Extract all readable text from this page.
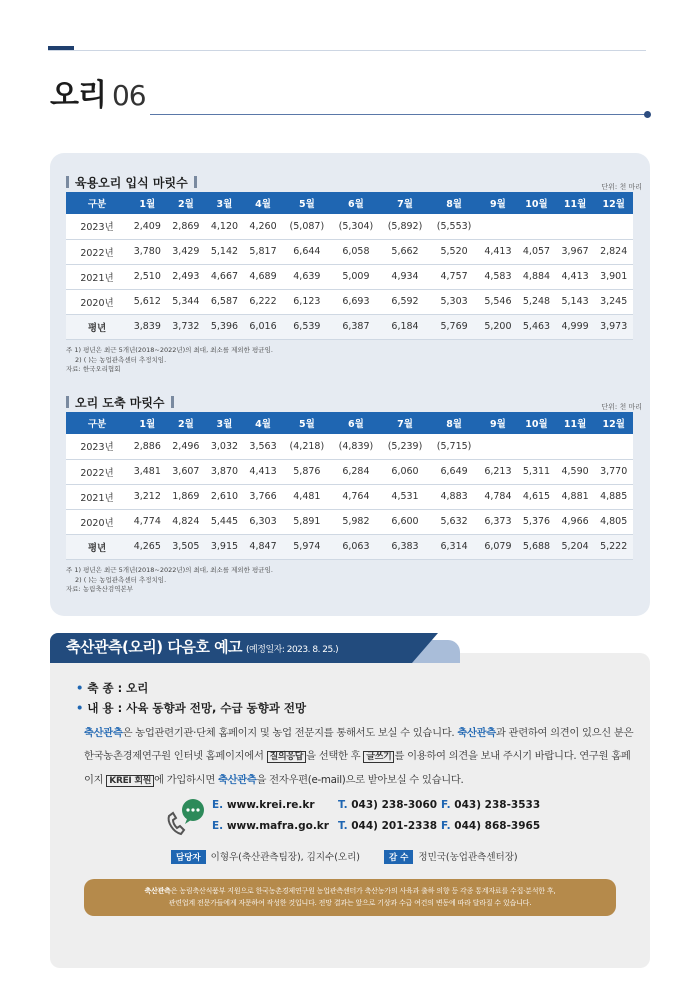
오리 06
육용오리 입식 마릿수	단위: 천 마리
구분	1월	2월	3월	4월	5월	6월	7월	8월	9월	10월	11월	12월
2023년	2,409	2,869	4,120	4,260	(5,087)	(5,304)	(5,892)	(5,553)				
2022년	3,780	3,429	5,142	5,817	6,644	6,058	5,662	5,520	4,413	4,057	3,967	2,824
2021년	2,510	2,493	4,667	4,689	4,639	5,009	4,934	4,757	4,583	4,884	4,413	3,901
2020년	5,612	5,344	6,587	6,222	6,123	6,693	6,592	5,303	5,546	5,248	5,143	3,245
평년	3,839	3,732	5,396	6,016	6,539	6,387	6,184	5,769	5,200	5,463	4,999	3,973
주 1) 평년은 최근 5개년(2018~2022년)의 최대, 최소를 제외한 평균임.
2) ( )는 농업관측센터 추정치임.
자료: 한국오리협회
오리 도축 마릿수	단위: 천 마리
구분	1월	2월	3월	4월	5월	6월	7월	8월	9월	10월	11월	12월
2023년	2,886	2,496	3,032	3,563	(4,218)	(4,839)	(5,239)	(5,715)				
2022년	3,481	3,607	3,870	4,413	5,876	6,284	6,060	6,649	6,213	5,311	4,590	3,770
2021년	3,212	1,869	2,610	3,766	4,481	4,764	4,531	4,883	4,784	4,615	4,881	4,885
2020년	4,774	4,824	5,445	6,303	5,891	5,982	6,600	5,632	6,373	5,376	4,966	4,805
평년	4,265	3,505	3,915	4,847	5,974	6,063	6,383	6,314	6,079	5,688	5,204	5,222
주 1) 평년은 최근 5개년(2018~2022년)의 최대, 최소를 제외한 평균임.
2) ( )는 농업관측센터 추정치임.
자료: 농림축산검역본부
축산관측(오리) 다음호 예고 (예정일자: 2023. 8. 25.)
• 축 종 : 오리
• 내 용 : 사육 동향과 전망, 수급 동향과 전망
축산관측은 농업관련기관·단체 홈페이지 및 농업 전문지를 통해서도 보실 수 있습니다. 축산관측과 관련하여 의견이 있으신 분은 한국농촌경제연구원 인터넷 홈페이지에서 질의응답 을 선택한 후 글쓰기 를 이용하여 의견을 보내 주시기 바랍니다. 연구원 홈페이지 KREI 회원 에 가입하시면 축산관측을 전자우편(e-mail)으로 받아보실 수 있습니다.
E. www.krei.re.kr T. 043) 238-3060 F. 043) 238-3533
E. www.mafra.go.kr T. 044) 201-2338 F. 044) 868-3965
담당자 이형우(축산관측팀장), 김지수(오리)	감 수 정민국(농업관측센터장)
축산관측은 농림축산식품부 지원으로 한국농촌경제연구원 농업관측센터가 축산농가의 사육과 출하 의향 등 각종 통계자료를 수집·분석한 후,
관련업계 전문가들에게 자문하여 작성한 것입니다. 전망 결과는 앞으로 기상과 수급 여건의 변동에 따라 달라질 수 있습니다.
